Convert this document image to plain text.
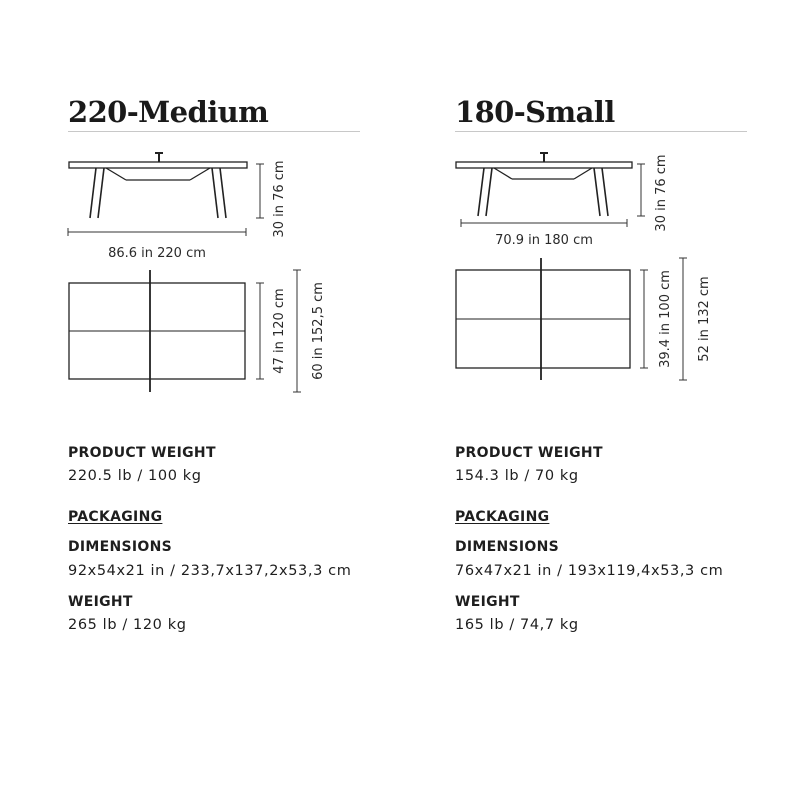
220-Medium
86.6 in 220 cm
30 in 76 cm
47 in 120 cm 60 in 152,5 cm
PRODUCT WEIGHT
220.5 lb / 100 kg
PACKAGING
DIMENSIONS
92x54x21 in / 233,7x137,2x53,3 cm
WEIGHT
265 lb / 120 kg
180-Small
70.9 in 180 cm
30 in 76 cm
39.4 in 100 cm 52 in 132 cm
PRODUCT WEIGHT
154.3 lb / 70 kg
PACKAGING
DIMENSIONS
76x47x21 in / 193x119,4x53,3 cm
WEIGHT
165 lb / 74,7 kg
